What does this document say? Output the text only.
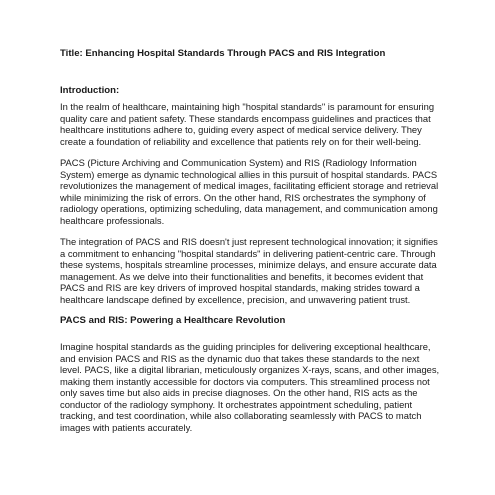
Title: Enhancing Hospital Standards Through PACS and RIS Integration
Introduction:

In the realm of healthcare, maintaining high "hospital standards" is paramount for ensuring quality care and patient safety. These standards encompass guidelines and practices that healthcare institutions adhere to, guiding every aspect of medical service delivery. They create a foundation of reliability and excellence that patients rely on for their well-being.

PACS (Picture Archiving and Communication System) and RIS (Radiology Information System) emerge as dynamic technological allies in this pursuit of hospital standards. PACS revolutionizes the management of medical images, facilitating efficient storage and retrieval while minimizing the risk of errors. On the other hand, RIS orchestrates the symphony of radiology operations, optimizing scheduling, data management, and communication among healthcare professionals.

The integration of PACS and RIS doesn't just represent technological innovation; it signifies a commitment to enhancing "hospital standards" in delivering patient-centric care. Through these systems, hospitals streamline processes, minimize delays, and ensure accurate data management. As we delve into their functionalities and benefits, it becomes evident that PACS and RIS are key drivers of improved hospital standards, making strides toward a healthcare landscape defined by excellence, precision, and unwavering patient trust.

PACS and RIS: Powering a Healthcare Revolution

Imagine hospital standards as the guiding principles for delivering exceptional healthcare, and envision PACS and RIS as the dynamic duo that takes these standards to the next level. PACS, like a digital librarian, meticulously organizes X-rays, scans, and other images, making them instantly accessible for doctors via computers. This streamlined process not only saves time but also aids in precise diagnoses. On the other hand, RIS acts as the conductor of the radiology symphony. It orchestrates appointment scheduling, patient tracking, and test coordination, while also collaborating seamlessly with PACS to match images with patients accurately.
